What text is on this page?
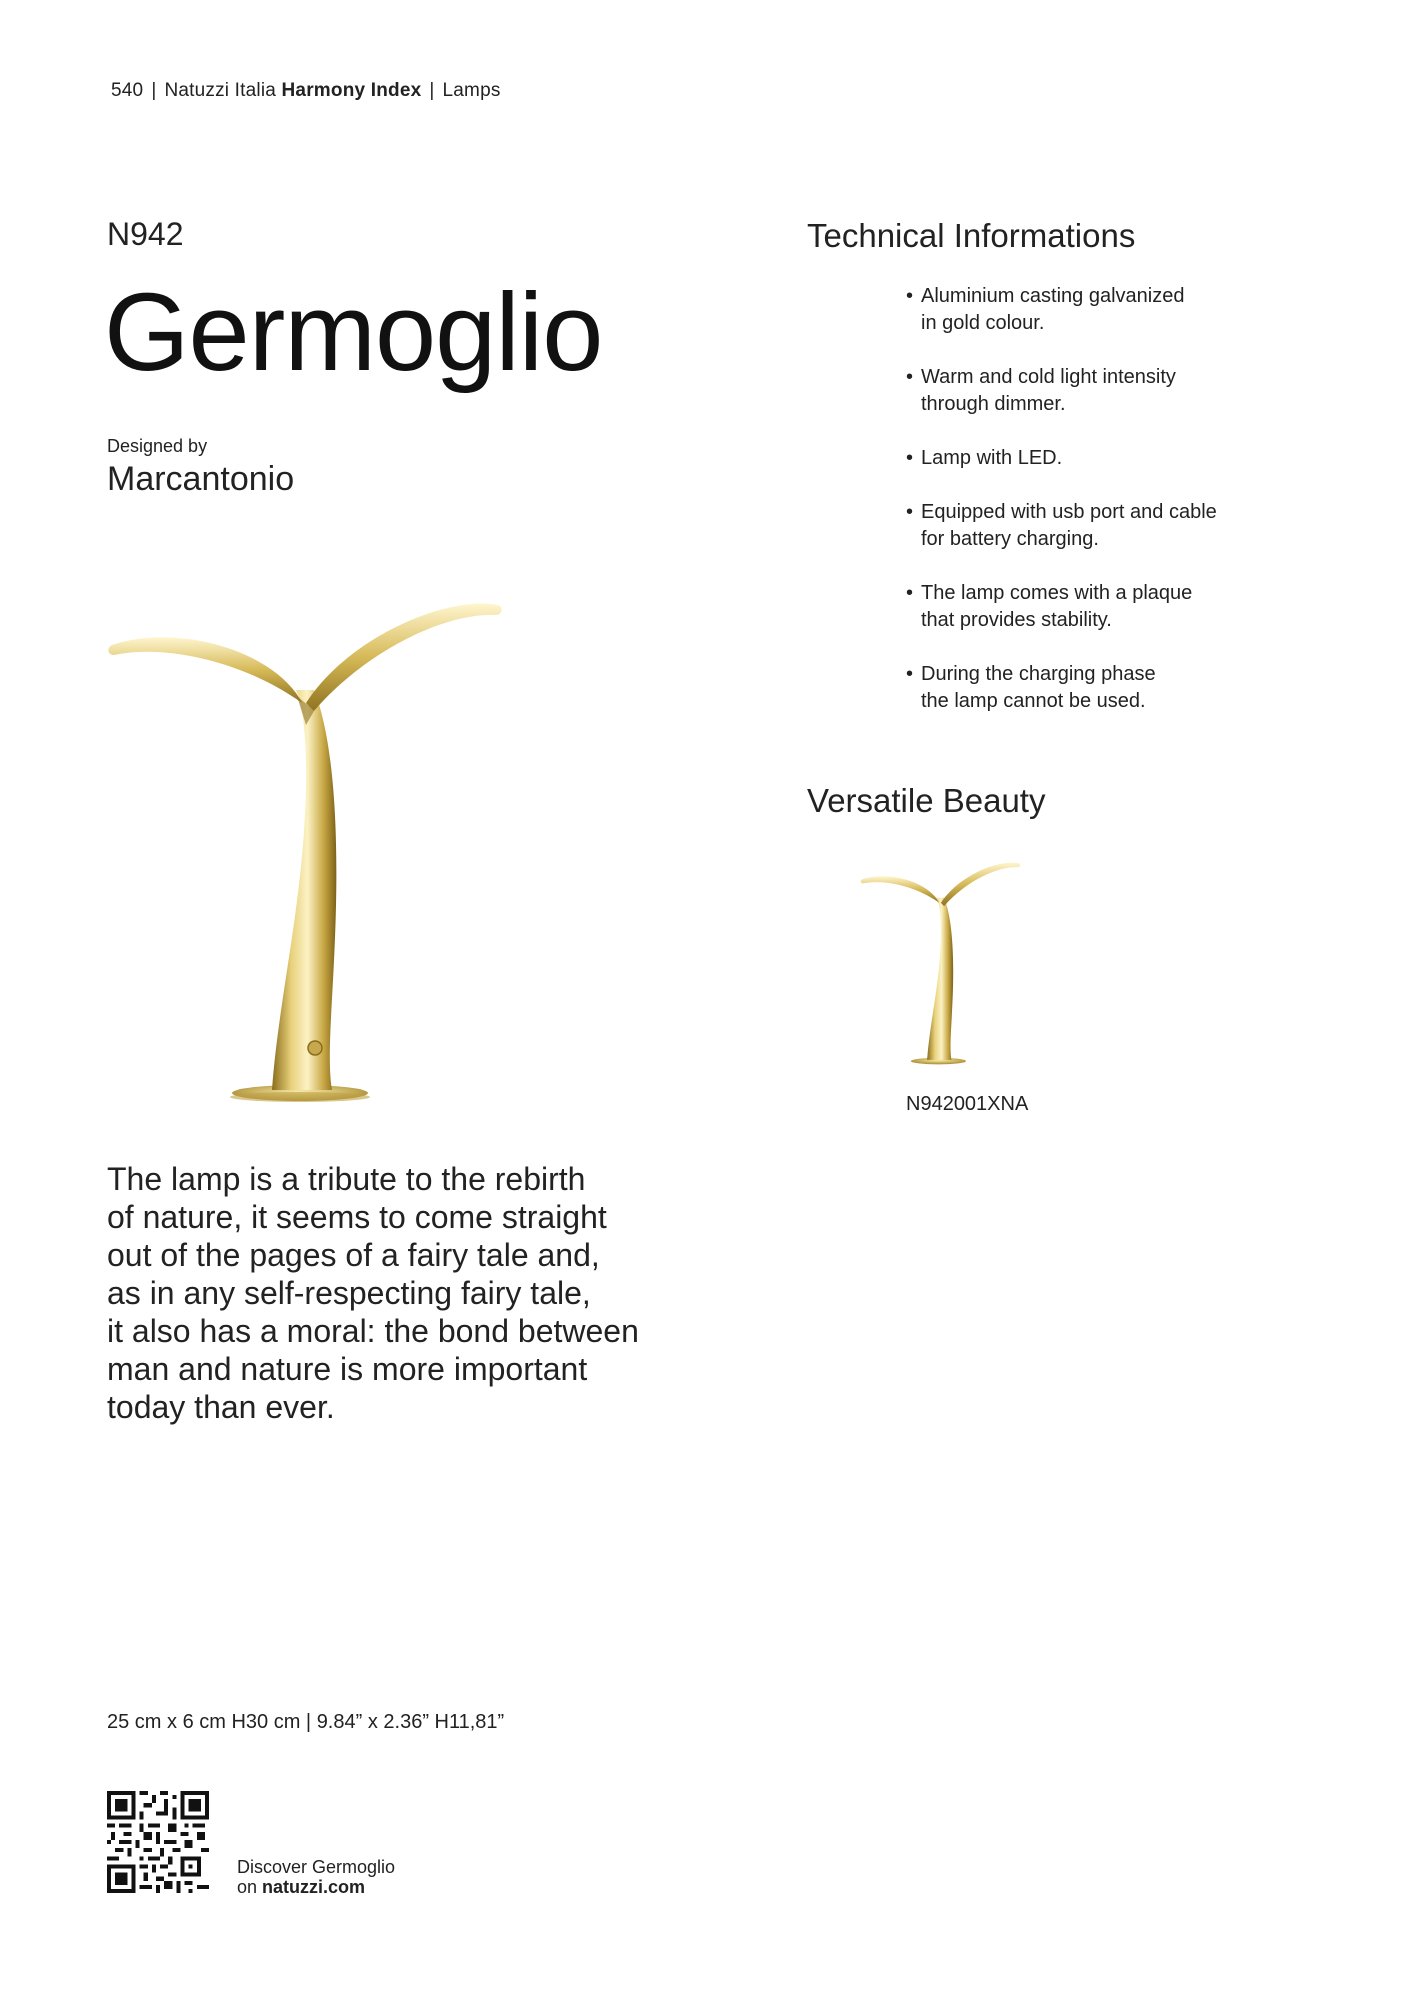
540 | Natuzzi Italia Harmony Index | Lamps
N942
Germoglio
Designed by
Marcantonio
The lamp is a tribute to the rebirth
of nature, it seems to come straight
out of the pages of a fairy tale and,
as in any self-respecting fairy tale,
it also has a moral: the bond between
man and nature is more important
today than ever.
25 cm x 6 cm H30 cm | 9.84” x 2.36” H11,81”
Discover Germoglio
on natuzzi.com
Technical Informations
• Aluminium casting galvanized
in gold colour.
• Warm and cold light intensity
through dimmer.
• Lamp with LED.
• Equipped with usb port and cable
for battery charging.
• The lamp comes with a plaque
that provides stability.
• During the charging phase
the lamp cannot be used.
Versatile Beauty
N942001XNA
